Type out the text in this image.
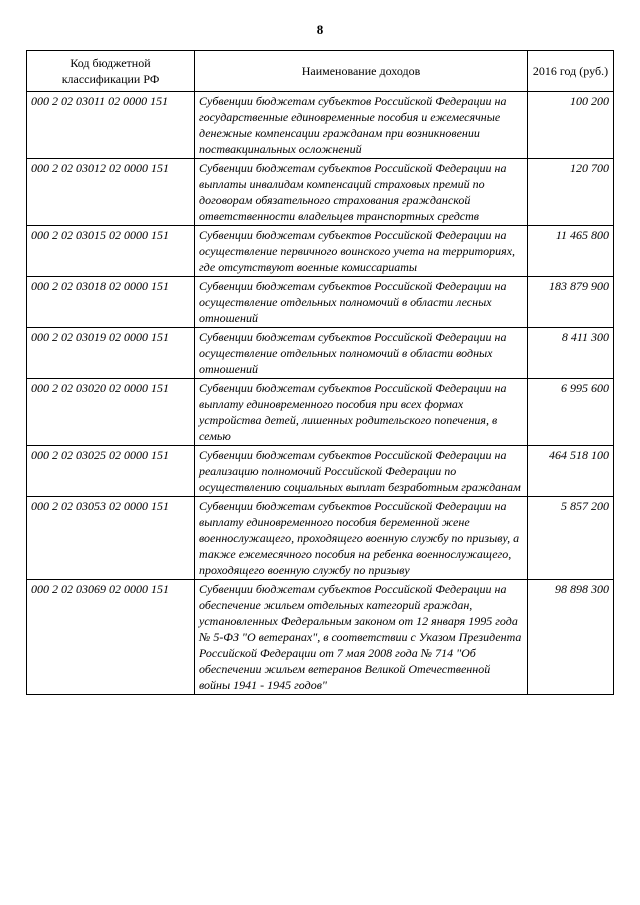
8
Код бюджетной классификации РФ	Наименование доходов	2016 год (руб.)
000 2 02 03011 02 0000 151	Субвенции бюджетам субъектов Российской Федерации на государственные единовременные пособия и ежемесячные денежные компенсации гражданам при возникновении поствакцинальных осложнений	100 200
000 2 02 03012 02 0000 151	Субвенции бюджетам субъектов Российской Федерации на выплаты инвалидам компенсаций страховых премий по договорам обязательного страхования гражданской ответственности владельцев транспортных средств	120 700
000 2 02 03015 02 0000 151	Субвенции бюджетам субъектов Российской Федерации на осуществление первичного воинского учета на территориях, где отсутствуют военные комиссариаты	11 465 800
000 2 02 03018 02 0000 151	Субвенции бюджетам субъектов Российской Федерации на осуществление отдельных полномочий в области лесных отношений	183 879 900
000 2 02 03019 02 0000 151	Субвенции бюджетам субъектов Российской Федерации на осуществление отдельных полномочий в области водных отношений	8 411 300
000 2 02 03020 02 0000 151	Субвенции бюджетам субъектов Российской Федерации на выплату единовременного пособия при всех формах устройства детей, лишенных родительского попечения, в семью	6 995 600
000 2 02 03025 02 0000 151	Субвенции бюджетам субъектов Российской Федерации на реализацию полномочий Российской Федерации по осуществлению социальных выплат безработным гражданам	464 518 100
000 2 02 03053 02 0000 151	Субвенции бюджетам субъектов Российской Федерации на выплату единовременного пособия беременной жене военнослужащего, проходящего военную службу по призыву, а также ежемесячного пособия на ребенка военнослужащего, проходящего военную службу по призыву	5 857 200
000 2 02 03069 02 0000 151	Субвенции бюджетам субъектов Российской Федерации на обеспечение жильем отдельных категорий граждан, установленных Федеральным законом от 12 января 1995 года № 5-ФЗ "О ветеранах", в соответствии с Указом Президента Российской Федерации от 7 мая 2008 года № 714 "Об обеспечении жильем ветеранов Великой Отечественной войны 1941 - 1945 годов"	98 898 300
